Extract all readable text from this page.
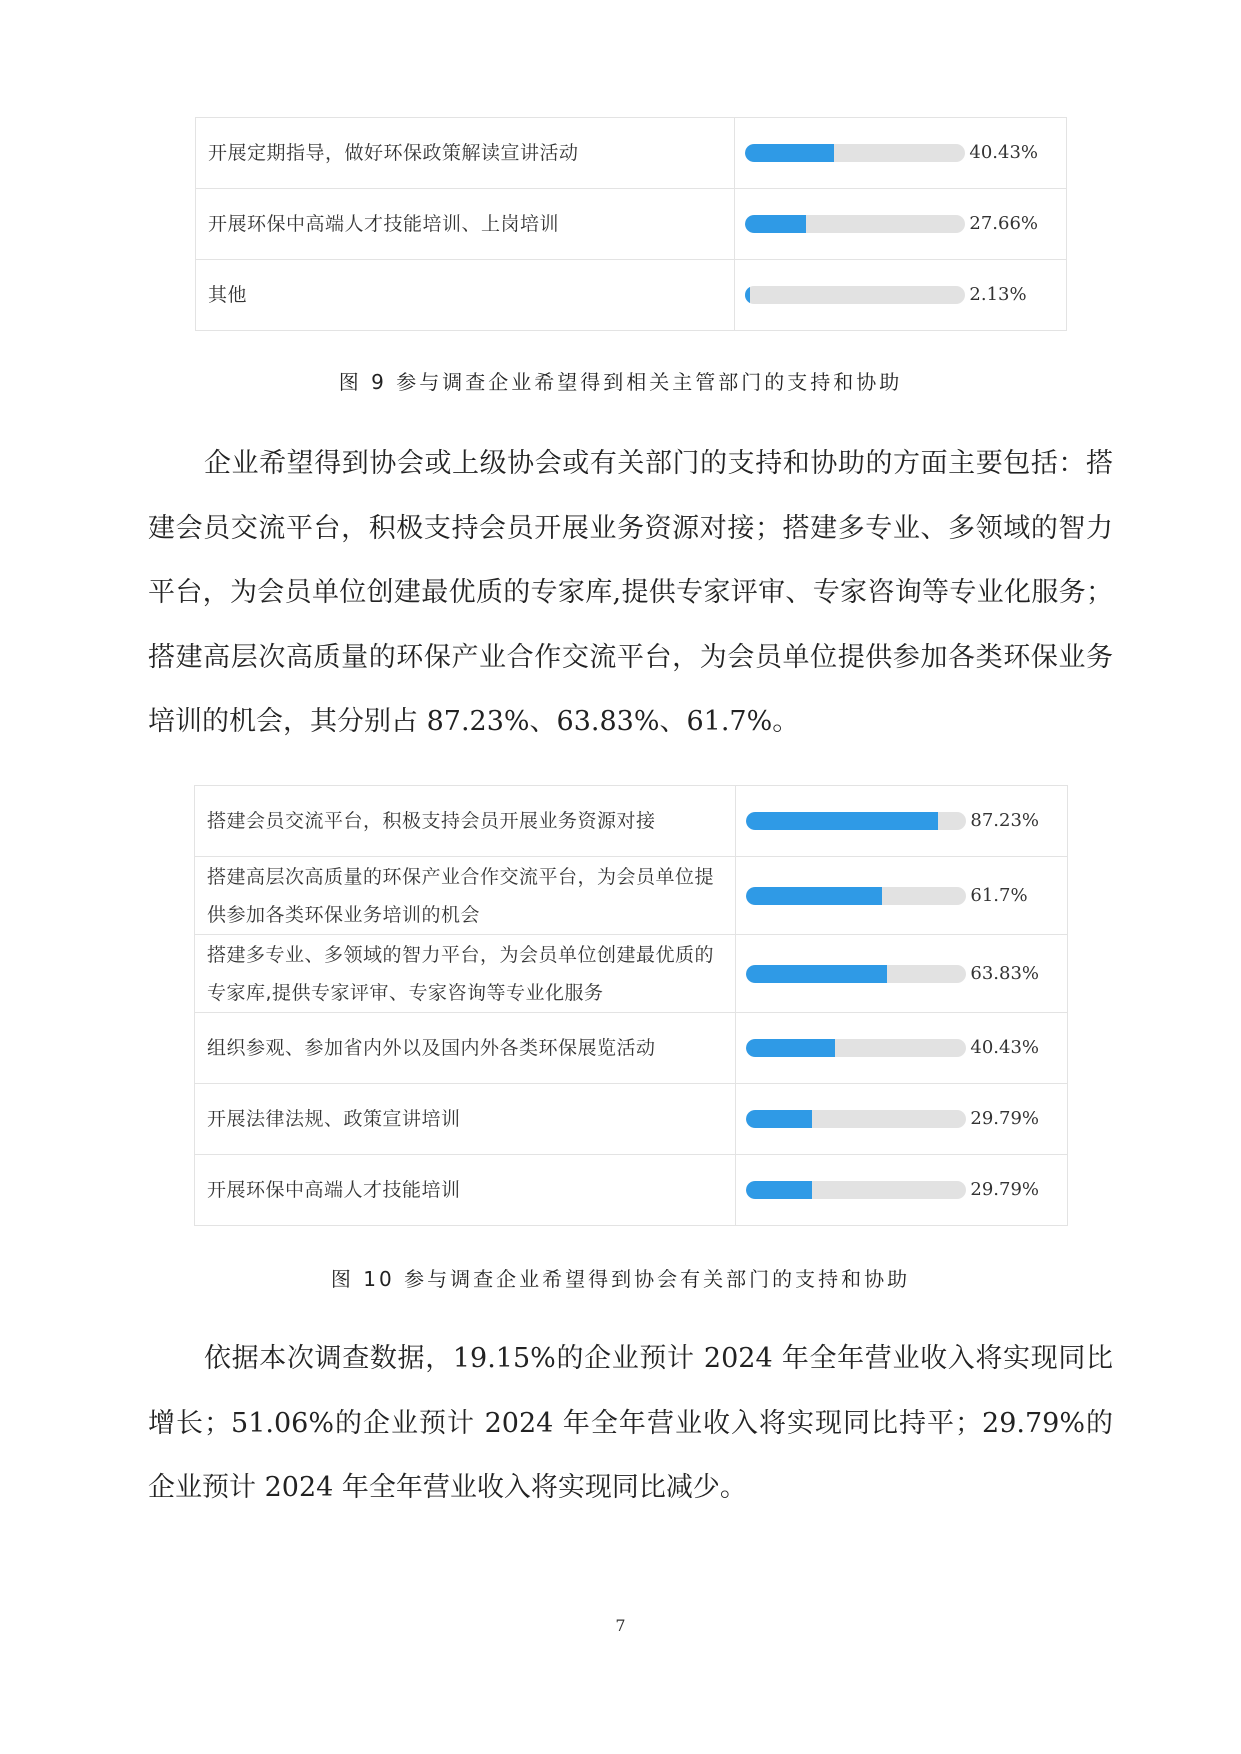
开展定期指导，做好环保政策解读宣讲活动	40.43%

开展环保中高端人才技能培训、上岗培训	27.66%

其他	2.13%
图 9 参与调查企业希望得到相关主管部门的支持和协助

企业希望得到协会或上级协会或有关部门的支持和协助的方面主要包括：搭建会员交流平台，积极支持会员开展业务资源对接；搭建多专业、多领域的智力平台，为会员单位创建最优质的专家库,提供专家评审、专家咨询等专业化服务；搭建高层次高质量的环保产业合作交流平台，为会员单位提供参加各类环保业务培训的机会，其分别占 87.23%、63.83%、61.7%。

搭建会员交流平台，积极支持会员开展业务资源对接	87.23%

搭建高层次高质量的环保产业合作交流平台，为会员单位提供参加各类环保业务培训的机会	61.7%

搭建多专业、多领域的智力平台，为会员单位创建最优质的专家库,提供专家评审、专家咨询等专业化服务	63.83%

组织参观、参加省内外以及国内外各类环保展览活动	40.43%

开展法律法规、政策宣讲培训	29.79%

开展环保中高端人才技能培训	29.79%
图 10 参与调查企业希望得到协会有关部门的支持和协助

依据本次调查数据，19.15%的企业预计 2024 年全年营业收入将实现同比增长；51.06%的企业预计 2024 年全年营业收入将实现同比持平；29.79%的企业预计 2024 年全年营业收入将实现同比减少。

7
